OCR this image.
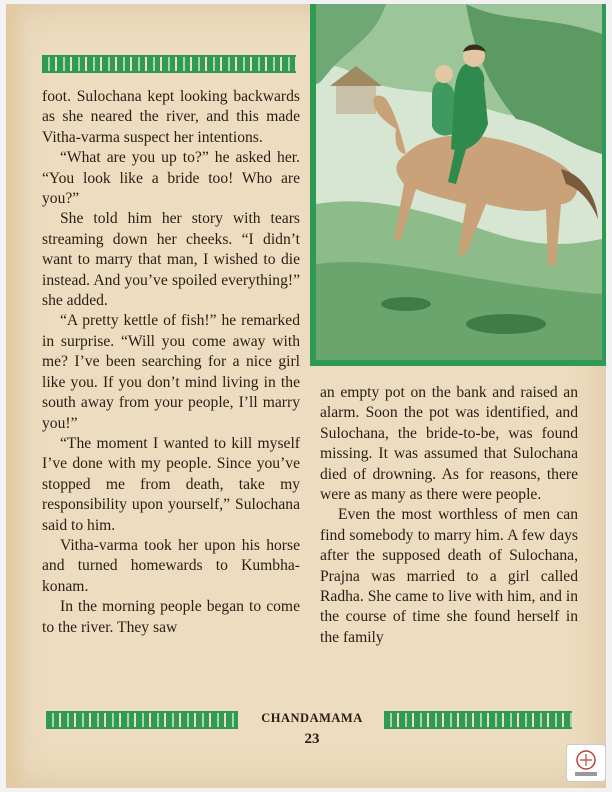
foot. Sulochana kept looking backwards as she neared the river, and this made Vitha-varma suspect her intentions.

“What are you up to?” he asked her. “You look like a bride too! Who are you?”

She told him her story with tears streaming down her cheeks. “I didn’t want to marry that man, I wished to die instead. And you’ve spoiled everything!” she added.

“A pretty kettle of fish!” he remarked in surprise. “Will you come away with me? I’ve been searching for a nice girl like you. If you don’t mind living in the south away from your people, I’ll marry you!”

“The moment I wanted to kill myself I’ve done with my people. Since you’ve stopped me from death, take my responsibility upon yourself,” Sulochana said to him.

Vitha-varma took her upon his horse and turned homewards to Kumbha-konam.

In the morning people began to come to the river. They saw

an empty pot on the bank and raised an alarm. Soon the pot was identified, and Sulochana, the bride-to-be, was found missing. It was assumed that Sulochana died of drowning. As for reasons, there were as many as there were people.

Even the most worthless of men can find somebody to marry him. A few days after the supposed death of Sulochana, Prajna was married to a girl called Radha. She came to live with him, and in the course of time she found herself in the family

CHANDAMAMA
23
